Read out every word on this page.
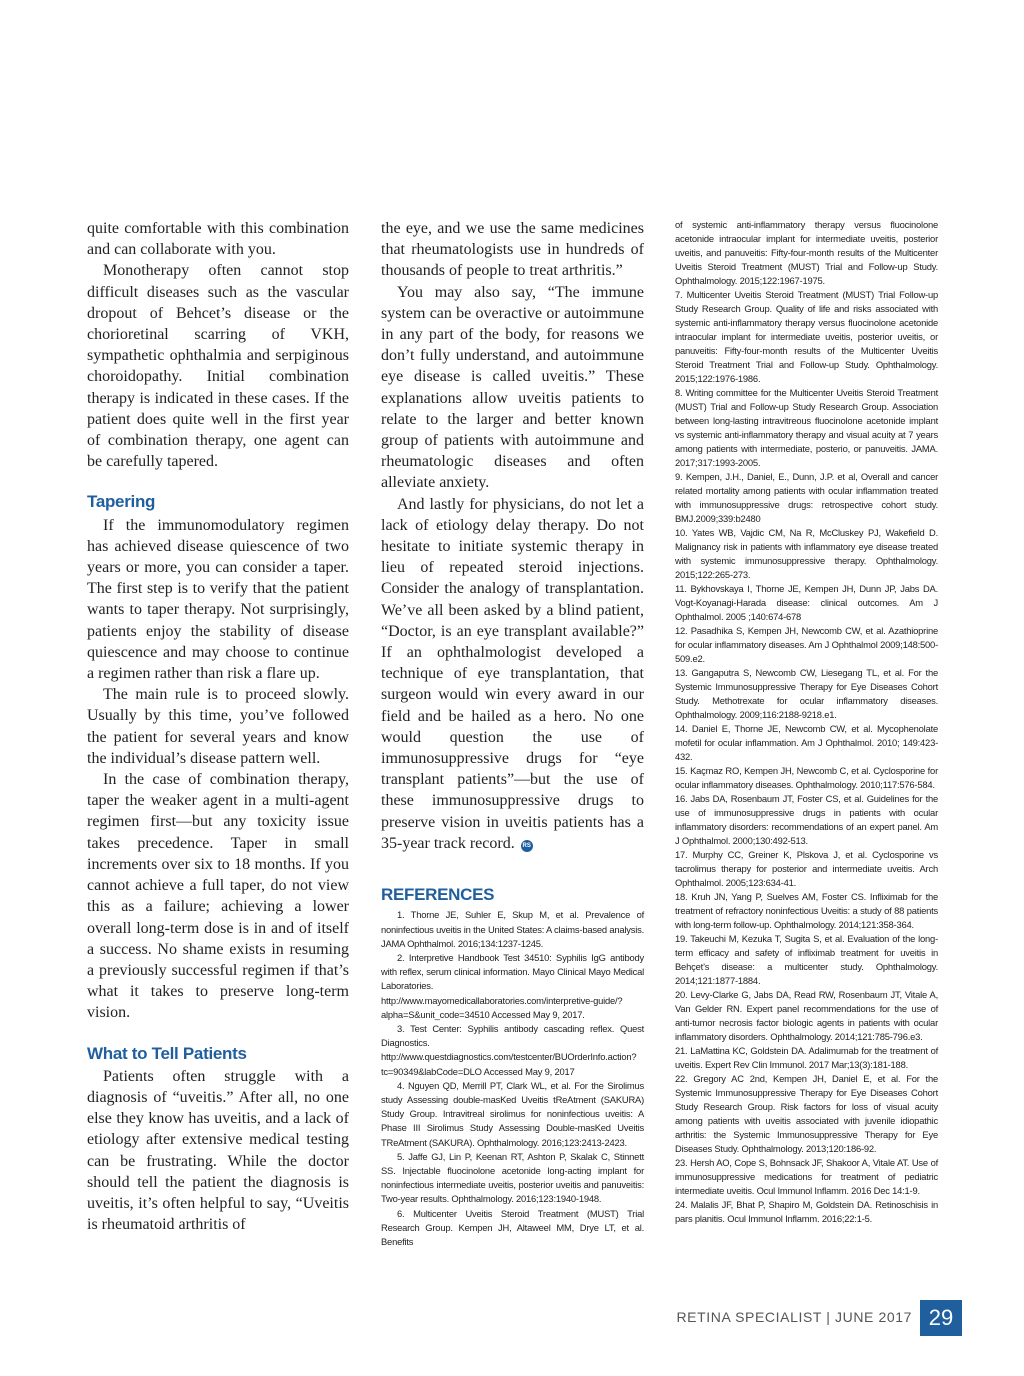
quite comfortable with this combination and can collaborate with you.

Monotherapy often cannot stop difficult diseases such as the vascular dropout of Behcet’s disease or the chorioretinal scarring of VKH, sympathetic ophthalmia and serpiginous choroidopathy. Initial combination therapy is indicated in these cases. If the patient does quite well in the first year of combination therapy, one agent can be carefully tapered.

Tapering

If the immunomodulatory regimen has achieved disease quiescence of two years or more, you can consider a taper. The first step is to verify that the patient wants to taper therapy. Not surprisingly, patients enjoy the stability of disease quiescence and may choose to continue a regimen rather than risk a flare up.

The main rule is to proceed slowly. Usually by this time, you’ve followed the patient for several years and know the individual’s disease pattern well.

In the case of combination therapy, taper the weaker agent in a multi-agent regimen first—but any toxicity issue takes precedence. Taper in small increments over six to 18 months. If you cannot achieve a full taper, do not view this as a failure; achieving a lower overall long-term dose is in and of itself a success. No shame exists in resuming a previously successful regimen if that’s what it takes to preserve long-term vision.

What to Tell Patients

Patients often struggle with a diagnosis of “uveitis.” After all, no one else they know has uveitis, and a lack of etiology after extensive medical testing can be frustrating. While the doctor should tell the patient the diagnosis is uveitis, it’s often helpful to say, “Uveitis is rheumatoid arthritis of

the eye, and we use the same medicines that rheumatologists use in hundreds of thousands of people to treat arthritis.”

You may also say, “The immune system can be overactive or autoimmune in any part of the body, for reasons we don’t fully understand, and autoimmune eye disease is called uveitis.” These explanations allow uveitis patients to relate to the larger and better known group of patients with autoimmune and rheumatologic diseases and often alleviate anxiety.

And lastly for physicians, do not let a lack of etiology delay therapy. Do not hesitate to initiate systemic therapy in lieu of repeated steroid injections. Consider the analogy of transplantation. We’ve all been asked by a blind patient, “Doctor, is an eye transplant available?” If an ophthalmologist developed a technique of eye transplantation, that surgeon would win every award in our field and be hailed as a hero. No one would question the use of immunosuppressive drugs for “eye transplant patients”—but the use of these immunosuppressive drugs to preserve vision in uveitis patients has a 35-year track record. RS

REFERENCES

1. Thorne JE, Suhler E, Skup M, et al. Prevalence of noninfectious uveitis in the United States: A claims-based analysis. JAMA Ophthalmol. 2016;134:1237-1245.

2. Interpretive Handbook Test 34510: Syphilis IgG antibody with reflex, serum clinical information. Mayo Clinical Mayo Medical Laboratories. http://www.mayomedicallaboratories.com/interpretive-guide/?alpha=S&unit_code=34510 Accessed May 9, 2017.

3. Test Center: Syphilis antibody cascading reflex. Quest Diagnostics. http://www.questdiagnostics.com/testcenter/BUOrderInfo.action?tc=90349&labCode=DLO Accessed May 9, 2017

4. Nguyen QD, Merrill PT, Clark WL, et al. For the Sirolimus study Assessing double-masKed Uveitis tReAtment (SAKURA) Study Group. Intravitreal sirolimus for noninfectious uveitis: A Phase III Sirolimus Study Assessing Double-masKed Uveitis TReAtment (SAKURA). Ophthalmology. 2016;123:2413-2423.

5. Jaffe GJ, Lin P, Keenan RT, Ashton P, Skalak C, Stinnett SS. Injectable fluocinolone acetonide long-acting implant for noninfectious intermediate uveitis, posterior uveitis and panuveitis: Two-year results. Ophthalmology. 2016;123:1940-1948.

6. Multicenter Uveitis Steroid Treatment (MUST) Trial Research Group. Kempen JH, Altaweel MM, Drye LT, et al. Benefits

of systemic anti-inflammatory therapy versus fluocinolone acetonide intraocular implant for intermediate uveitis, posterior uveitis, and panuveitis: Fifty-four-month results of the Multicenter Uveitis Steroid Treatment (MUST) Trial and Follow-up Study. Ophthalmology. 2015;122:1967-1975.

7. Multicenter Uveitis Steroid Treatment (MUST) Trial Follow-up Study Research Group. Quality of life and risks associated with systemic anti-inflammatory therapy versus fluocinolone acetonide intraocular implant for intermediate uveitis, posterior uveitis, or panuveitis: Fifty-four-month results of the Multicenter Uveitis Steroid Treatment Trial and Follow-up Study. Ophthalmology. 2015;122:1976-1986.

8. Writing committee for the Multicenter Uveitis Steroid Treatment (MUST) Trial and Follow-up Study Research Group. Association between long-lasting intravitreous fluocinolone acetonide implant vs systemic anti-inflammatory therapy and visual acuity at 7 years among patients with intermediate, posterio, or panuveitis. JAMA. 2017;317:1993-2005.

9. Kempen, J.H., Daniel, E., Dunn, J.P. et al, Overall and cancer related mortality among patients with ocular inflammation treated with immunosuppressive drugs: retrospective cohort study. BMJ.2009;339:b2480

10. Yates WB, Vajdic CM, Na R, McCluskey PJ, Wakefield D. Malignancy risk in patients with inflammatory eye disease treated with systemic immunosuppressive therapy. Ophthalmology. 2015;122:265-273.

11. Bykhovskaya I, Thorne JE, Kempen JH, Dunn JP, Jabs DA. Vogt-Koyanagi-Harada disease: clinical outcomes. Am J Ophthalmol. 2005 ;140:674-678

12. Pasadhika S, Kempen JH, Newcomb CW, et al. Azathioprine for ocular inflammatory diseases. Am J Ophthalmol 2009;148:500-509.e2.

13. Gangaputra S, Newcomb CW, Liesegang TL, et al. For the Systemic Immunosuppressive Therapy for Eye Diseases Cohort Study. Methotrexate for ocular inflammatory diseases. Ophthalmology. 2009;116:2188-9218.e1.

14. Daniel E, Thorne JE, Newcomb CW, et al. Mycophenolate mofetil for ocular inflammation. Am J Ophthalmol. 2010; 149:423-432.

15. Kaçmaz RO, Kempen JH, Newcomb C, et al. Cyclosporine for ocular inflammatory diseases. Ophthalmology. 2010;117:576-584.

16. Jabs DA, Rosenbaum JT, Foster CS, et al. Guidelines for the use of immunosuppressive drugs in patients with ocular inflammatory disorders: recommendations of an expert panel. Am J Ophthalmol. 2000;130:492-513.

17. Murphy CC, Greiner K, Plskova J, et al. Cyclosporine vs tacrolimus therapy for posterior and intermediate uveitis. Arch Ophthalmol. 2005;123:634-41.

18. Kruh JN, Yang P, Suelves AM, Foster CS. Infliximab for the treatment of refractory noninfectious Uveitis: a study of 88 patients with long-term follow-up. Ophthalmology. 2014;121:358-364.

19. Takeuchi M, Kezuka T, Sugita S, et al. Evaluation of the long-term efficacy and safety of infliximab treatment for uveitis in Behçet’s disease: a multicenter study. Ophthalmology. 2014;121:1877-1884.

20. Levy-Clarke G, Jabs DA, Read RW, Rosenbaum JT, Vitale A, Van Gelder RN. Expert panel recommendations for the use of anti-tumor necrosis factor biologic agents in patients with ocular inflammatory disorders. Ophthalmology. 2014;121:785-796.e3.

21. LaMattina KC, Goldstein DA. Adalimumab for the treatment of uveitis. Expert Rev Clin Immunol. 2017 Mar;13(3):181-188.

22. Gregory AC 2nd, Kempen JH, Daniel E, et al. For the Systemic Immunosuppressive Therapy for Eye Diseases Cohort Study Research Group. Risk factors for loss of visual acuity among patients with uveitis associated with juvenile idiopathic arthritis: the Systemic Immunosuppressive Therapy for Eye Diseases Study. Ophthalmology. 2013;120:186-92.

23. Hersh AO, Cope S, Bohnsack JF, Shakoor A, Vitale AT. Use of immunosuppressive medications for treatment of pediatric intermediate uveitis. Ocul Immunol Inflamm. 2016 Dec 14:1-9.

24. Malalis JF, Bhat P, Shapiro M, Goldstein DA. Retinoschisis in pars planitis. Ocul Immunol Inflamm. 2016;22:1-5.

RETINA SPECIALIST | JUNE 2017 29
